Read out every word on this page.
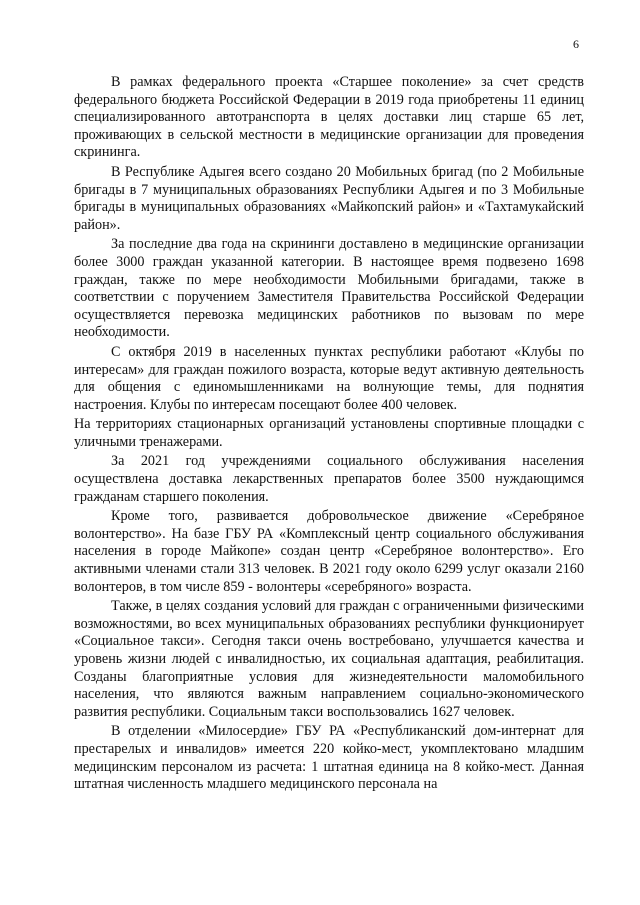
6

В рамках федерального проекта «Старшее поколение» за счет средств федерального бюджета Российской Федерации в 2019 года приобретены 11 единиц специализированного автотранспорта в целях доставки лиц старше 65 лет, проживающих в сельской местности в медицинские организации для проведения скрининга.

В Республике Адыгея всего создано 20 Мобильных бригад (по 2 Мобильные бригады в 7 муниципальных образованиях Республики Адыгея и по 3 Мобильные бригады в муниципальных образованиях «Майкопский район» и «Тахтамукайский район».

За последние два года на скрининги доставлено в медицинские организации более 3000 граждан указанной категории. В настоящее время подвезено 1698 граждан, также по мере необходимости Мобильными бригадами, также в соответствии с поручением Заместителя Правительства Российской Федерации осуществляется перевозка медицинских работников по вызовам по мере необходимости.

С октября 2019 в населенных пунктах республики работают «Клубы по интересам» для граждан пожилого возраста, которые ведут активную деятельность для общения с единомышленниками на волнующие темы, для поднятия настроения. Клубы по интересам посещают более 400 человек.

На территориях стационарных организаций установлены спортивные площадки с уличными тренажерами.

За 2021 год учреждениями социального обслуживания населения осуществлена доставка лекарственных препаратов более 3500 нуждающимся гражданам старшего поколения.

Кроме того, развивается добровольческое движение «Серебряное волонтерство». На базе ГБУ РА «Комплексный центр социального обслуживания населения в городе Майкопе» создан центр «Серебряное волонтерство». Его активными членами стали 313 человек. В 2021 году около 6299 услуг оказали 2160 волонтеров, в том числе 859 - волонтеры «серебряного» возраста.

Также, в целях создания условий для граждан с ограниченными физическими возможностями, во всех муниципальных образованиях республики функционирует «Социальное такси». Сегодня такси очень востребовано, улучшается качества и уровень жизни людей с инвалидностью, их социальная адаптация, реабилитация. Созданы благоприятные условия для жизнедеятельности маломобильного населения, что являются важным направлением социально-экономического развития республики. Социальным такси воспользовались 1627 человек.

В отделении «Милосердие» ГБУ РА «Республиканский дом-интернат для престарелых и инвалидов» имеется 220 койко-мест, укомплектовано младшим медицинским персоналом из расчета: 1 штатная единица на 8 койко-мест. Данная штатная численность младшего медицинского персонала на
